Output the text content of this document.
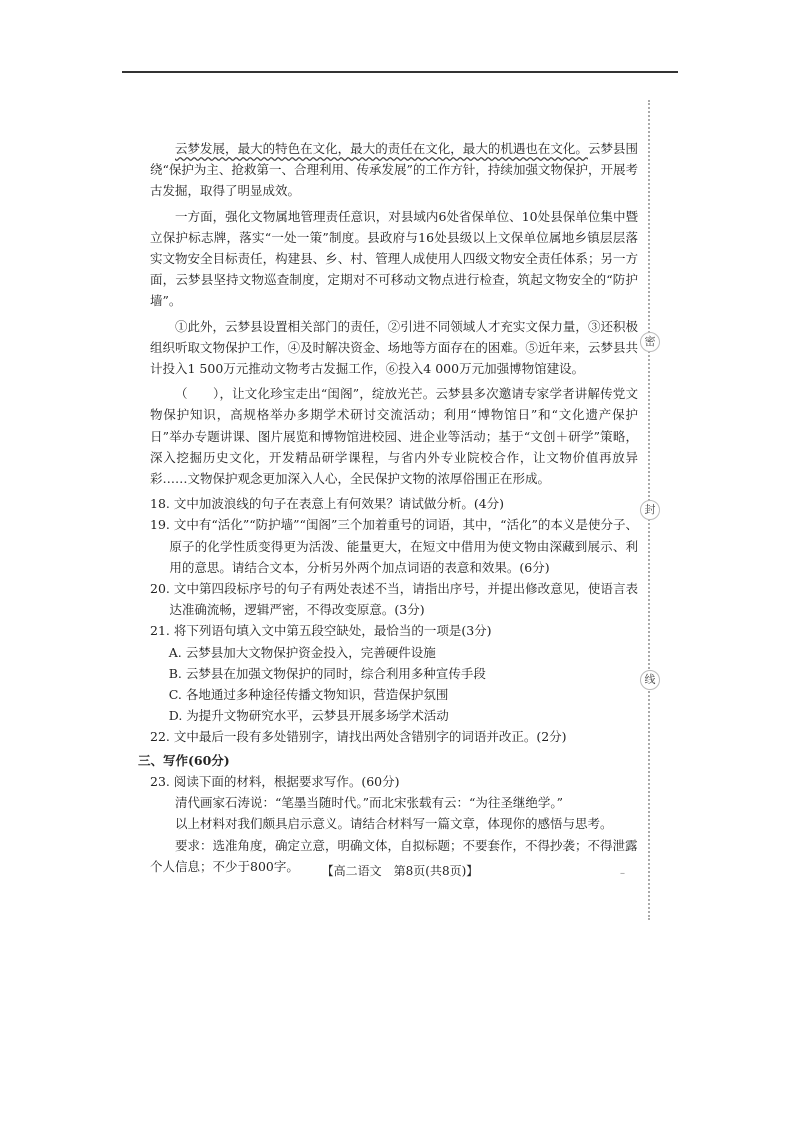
云梦发展，最大的特色在文化，最大的责任在文化，最大的机遇也在文化。云梦县围绕“保护为主、抢救第一、合理利用、传承发展”的工作方针，持续加强文物保护，开展考古发掘，取得了明显成效。

一方面，强化文物属地管理责任意识，对县域内6处省保单位、10处县保单位集中暨立保护标志牌，落实“一处一策”制度。县政府与16处县级以上文保单位属地乡镇层层落实文物安全目标责任，构建县、乡、村、管理人成使用人四级文物安全责任体系；另一方面，云梦县坚持文物巡查制度，定期对不可移动文物点进行检查，筑起文物安全的“防护墙”。

①此外，云梦县设置相关部门的责任，②引进不同领域人才充实文保力量，③还积极组织听取文物保护工作，④及时解决资金、场地等方面存在的困难。⑤近年来，云梦县共计投入1 500万元推动文物考古发掘工作，⑥投入4 000万元加强博物馆建设。

（　　），让文化珍宝走出“闺阁”，绽放光芒。云梦县多次邀请专家学者讲解传党文物保护知识，高规格举办多期学术研讨交流活动；利用“博物馆日”和“文化遗产保护日”举办专题讲课、图片展览和博物馆进校园、进企业等活动；基于“文创＋研学”策略，深入挖掘历史文化，开发精品研学课程，与省内外专业院校合作，让文物价值再放异彩……文物保护观念更加深入人心，全民保护文物的浓厚俗围正在形成。

18. 文中加波浪线的句子在表意上有何效果？请试做分析。(4分)

19. 文中有“活化”“防护墙”“闺阁”三个加着重号的词语，其中，“活化”的本义是使分子、原子的化学性质变得更为活泼、能量更大，在短文中借用为使文物由深藏到展示、利用的意思。请结合文本，分析另外两个加点词语的表意和效果。(6分)

20. 文中第四段标序号的句子有两处表述不当，请指出序号，并提出修改意见，使语言表达准确流畅，逻辑严密，不得改变原意。(3分)

21. 将下列语句填入文中第五段空缺处，最恰当的一项是(3分)

A. 云梦县加大文物保护资金投入，完善硬件设施

B. 云梦县在加强文物保护的同时，综合利用多种宣传手段

C. 各地通过多种途径传播文物知识，营造保护氛围

D. 为提升文物研究水平，云梦县开展多场学术活动

22. 文中最后一段有多处错别字，请找出两处含错别字的词语并改正。(2分)

三、写作(60分)

23. 阅读下面的材料，根据要求写作。(60分)

清代画家石涛说：“笔墨当随时代。”而北宋张载有云：“为往圣继绝学。”

以上材料对我们颇具启示意义。请结合材料写一篇文章，体现你的感悟与思考。

要求：选准角度，确定立意，明确文体，自拟标题；不要套作，不得抄袭；不得泄露个人信息；不少于800字。

密
封
线
【高二语文　第8页(共8页)】	–
